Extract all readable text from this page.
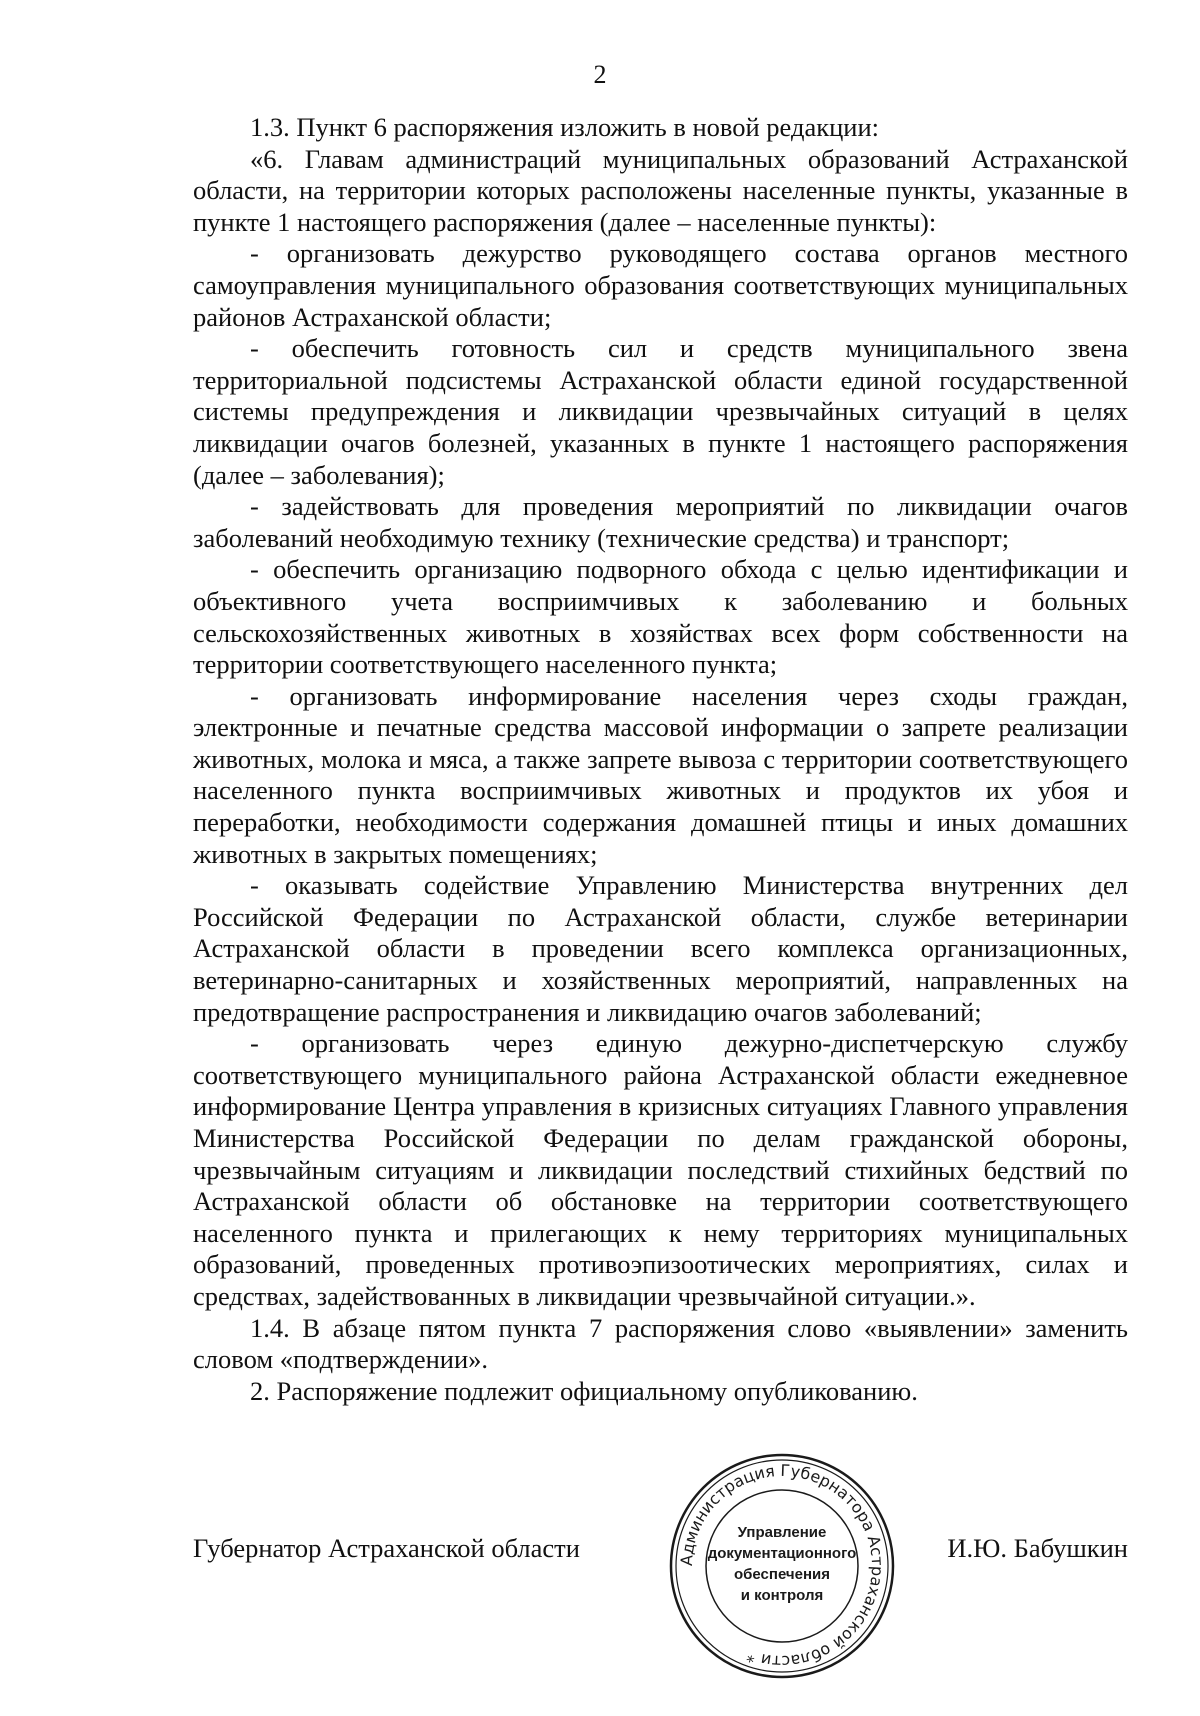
2

1.3. Пункт 6 распоряжения изложить в новой редакции:

«6. Главам администраций муниципальных образований Астраханской области, на территории которых расположены населенные пункты, указанные в пункте 1 настоящего распоряжения (далее – населенные пункты):

- организовать дежурство руководящего состава органов местного самоуправления муниципального образования соответствующих муниципальных районов Астраханской области;

- обеспечить готовность сил и средств муниципального звена территориальной подсистемы Астраханской области единой государственной системы предупреждения и ликвидации чрезвычайных ситуаций в целях ликвидации очагов болезней, указанных в пункте 1 настоящего распоряжения (далее – заболевания);

- задействовать для проведения мероприятий по ликвидации очагов заболеваний необходимую технику (технические средства) и транспорт;

- обеспечить организацию подворного обхода с целью идентификации и объективного учета восприимчивых к заболеванию и больных сельскохозяйственных животных в хозяйствах всех форм собственности на территории соответствующего населенного пункта;

- организовать информирование населения через сходы граждан, электронные и печатные средства массовой информации о запрете реализации животных, молока и мяса, а также запрете вывоза с территории соответствующего населенного пункта восприимчивых животных и продуктов их убоя и переработки, необходимости содержания домашней птицы и иных домашних животных в закрытых помещениях;

- оказывать содействие Управлению Министерства внутренних дел Российской Федерации по Астраханской области, службе ветеринарии Астраханской области в проведении всего комплекса организационных, ветеринарно-санитарных и хозяйственных мероприятий, направленных на предотвращение распространения и ликвидацию очагов заболеваний;

- организовать через единую дежурно-диспетчерскую службу соответствующего муниципального района Астраханской области ежедневное информирование Центра управления в кризисных ситуациях Главного управления Министерства Российской Федерации по делам гражданской обороны, чрезвычайным ситуациям и ликвидации последствий стихийных бедствий по Астраханской области об обстановке на территории соответствующего населенного пункта и прилегающих к нему территориях муниципальных образований, проведенных противоэпизоотических мероприятиях, силах и средствах, задействованных в ликвидации чрезвычайной ситуации.».

1.4. В абзаце пятом пункта 7 распоряжения слово «выявлении» заменить словом «подтверждении».

2. Распоряжение подлежит официальному опубликованию.

Губернатор Астраханской области	И.Ю. Бабушкин
Администрация Губернатора Астраханской области *
Управление
документационного
обеспечения
и контроля
